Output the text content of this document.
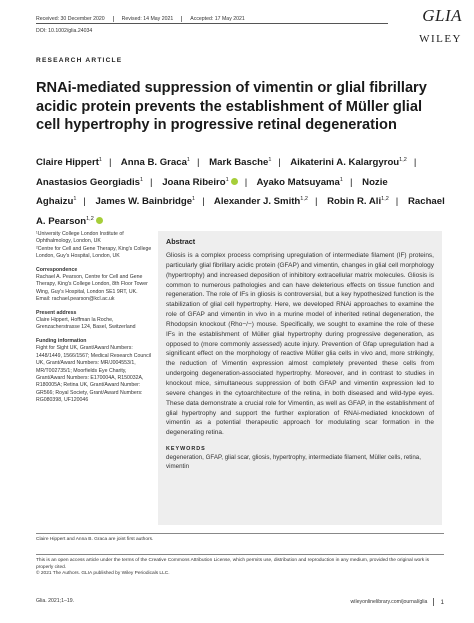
Received: 30 December 2020	Revised: 14 May 2021	Accepted: 17 May 2021	GLIA
DOI: 10.1002/glia.24034
WILEY
RESEARCH ARTICLE
RNAi-mediated suppression of vimentin or glial fibrillary acidic protein prevents the establishment of Müller glial cell hypertrophy in progressive retinal degeneration
Claire Hippert$^1$ | Anna B. Graca$^1$ | Mark Basche$^1$ | Aikaterini A. Kalargyrou$^{1,2}$ | Anastasios Georgiadis$^1$ | Joana Ribeiro$^1$ | Ayako Matsuyama$^1$ | Nozie Aghaizu$^1$ | James W. Bainbridge$^1$ | Alexander J. Smith$^{1,2}$ | Robin R. Ali$^{1,2}$ | Rachael A. Pearson$^{1,2}$

¹University College London Institute of Ophthalmology, London, UK

²Centre for Cell and Gene Therapy, King's College London, Guy's Hospital, London, UK

Correspondence

Rachael A. Pearson, Centre for Cell and Gene Therapy, King's College London, 8th Floor Tower Wing, Guy's Hospital, London SE1 9RT, UK.

Email: rachael.pearson@kcl.ac.uk

Present address

Claire Hippert, Hoffman la Roche, Grenzacherstrasse 124, Basel, Switzerland

Funding information

Fight for Sight UK, Grant/Award Numbers: 1448/1449, 1566/1567; Medical Research Council UK, Grant/Award Numbers: MR/J004553/1, MR/T002735/1; Moorfields Eye Charity, Grant/Award Numbers: E170004A, R150032A, R180005A; Retina UK, Grant/Award Number: GR566; Royal Society, Grant/Award Numbers: RG080398, UF120046

Abstract

Gliosis is a complex process comprising upregulation of intermediate filament (IF) proteins, particularly glial fibrillary acidic protein (GFAP) and vimentin, changes in glial cell morphology (hypertrophy) and increased deposition of inhibitory extracellular matrix molecules. Gliosis is common to numerous pathologies and can have deleterious effects on tissue function and regeneration. The role of IFs in gliosis is controversial, but a key hypothesized function is the stabilization of glial cell hypertrophy. Here, we developed RNAi approaches to examine the role of GFAP and vimentin in vivo in a murine model of inherited retinal degeneration, the Rhodopsin knockout (Rho−/−) mouse. Specifically, we sought to examine the role of these IFs in the establishment of Müller glial hypertrophy during progressive degeneration, as opposed to (more commonly assessed) acute injury. Prevention of Gfap upregulation had a significant effect on the morphology of reactive Müller glia cells in vivo and, more strikingly, the reduction of Vimentin expression almost completely prevented these cells from undergoing degeneration-associated hypertrophy. Moreover, and in contrast to studies in knockout mice, simultaneous suppression of both GFAP and vimentin expression led to severe changes in the cytoarchitecture of the retina, in both diseased and wild-type eyes. These data demonstrate a crucial role for Vimentin, as well as GFAP, in the establishment of glial hypertrophy and support the further exploration of RNAi-mediated knockdown of vimentin as a potential therapeutic approach for modulating scar formation in the degenerating retina.

KEYWORDS
degeneration, GFAP, glial scar, gliosis, hypertrophy, intermediate filament, Müller cells, retina, vimentin
Claire Hippert and Anna B. Graca are joint first authors.
This is an open access article under the terms of the Creative Commons Attribution License, which permits use, distribution and reproduction in any medium, provided the original work is properly cited.
© 2021 The Authors. GLIA published by Wiley Periodicals LLC.
Glia. 2021;1–19.	wileyonlinelibrary.com/journal/glia 1
